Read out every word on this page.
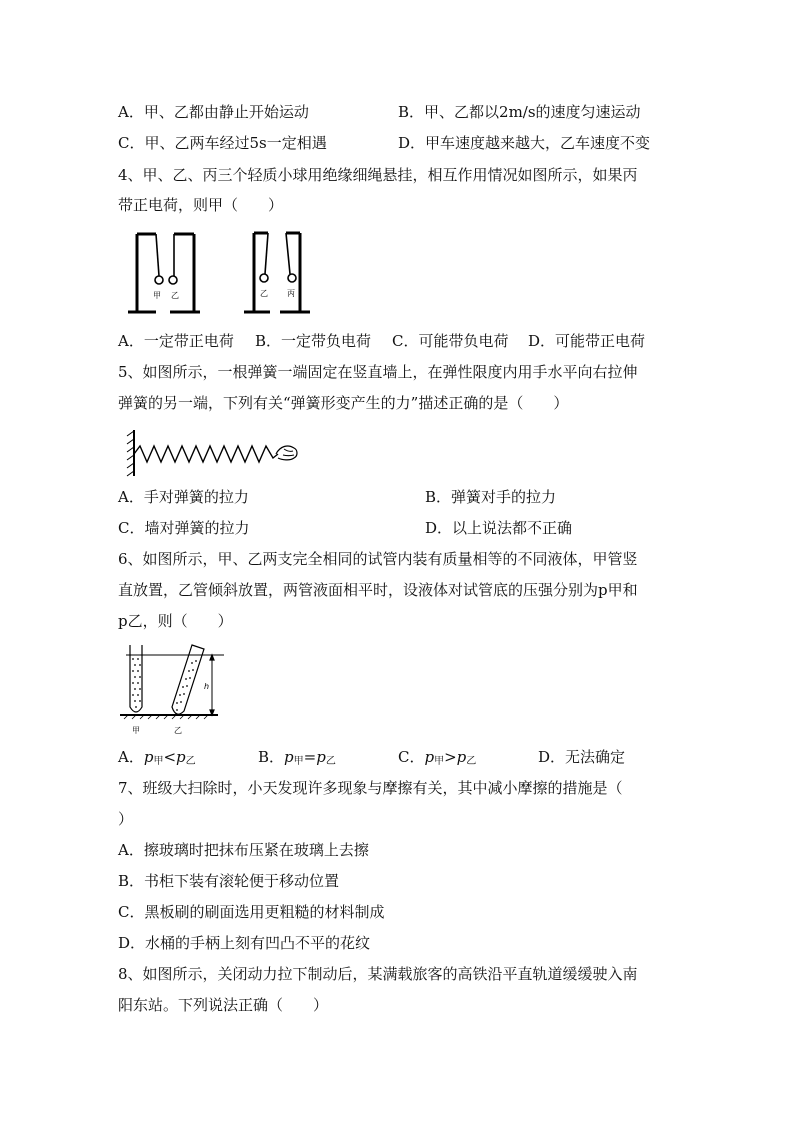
A．甲、乙都由静止开始运动	B．甲、乙都以2m/s的速度匀速运动
C．甲、乙两车经过5s一定相遇	D．甲车速度越来越大，乙车速度不变
4、甲、乙、丙三个轻质小球用绝缘细绳悬挂，相互作用情况如图所示，如果丙
带正电荷，则甲（　　）
甲 乙	乙 丙
A．一定带正电荷 B．一定带负电荷 C．可能带负电荷 D．可能带正电荷
5、如图所示，一根弹簧一端固定在竖直墙上，在弹性限度内用手水平向右拉伸
弹簧的另一端，下列有关“弹簧形变产生的力”描述正确的是（　　）
A．手对弹簧的拉力	B．弹簧对手的拉力
C．墙对弹簧的拉力	D．以上说法都不正确
6、如图所示，甲、乙两支完全相同的试管内装有质量相等的不同液体，甲管竖
直放置，乙管倾斜放置，两管液面相平时，设液体对试管底的压强分别为p甲和
p乙，则（　　）
甲	乙
h
A．$p_甲<p_乙$	B．$p_甲=p_乙$	C．$p_甲>p_乙$	D．无法确定
7、班级大扫除时，小天发现许多现象与摩擦有关，其中减小摩擦的措施是（
）
A．擦玻璃时把抹布压紧在玻璃上去擦
B．书柜下装有滚轮便于移动位置
C．黑板刷的刷面选用更粗糙的材料制成
D．水桶的手柄上刻有凹凸不平的花纹
8、如图所示，关闭动力拉下制动后，某满载旅客的高铁沿平直轨道缓缓驶入南
阳东站。下列说法正确（　　）
